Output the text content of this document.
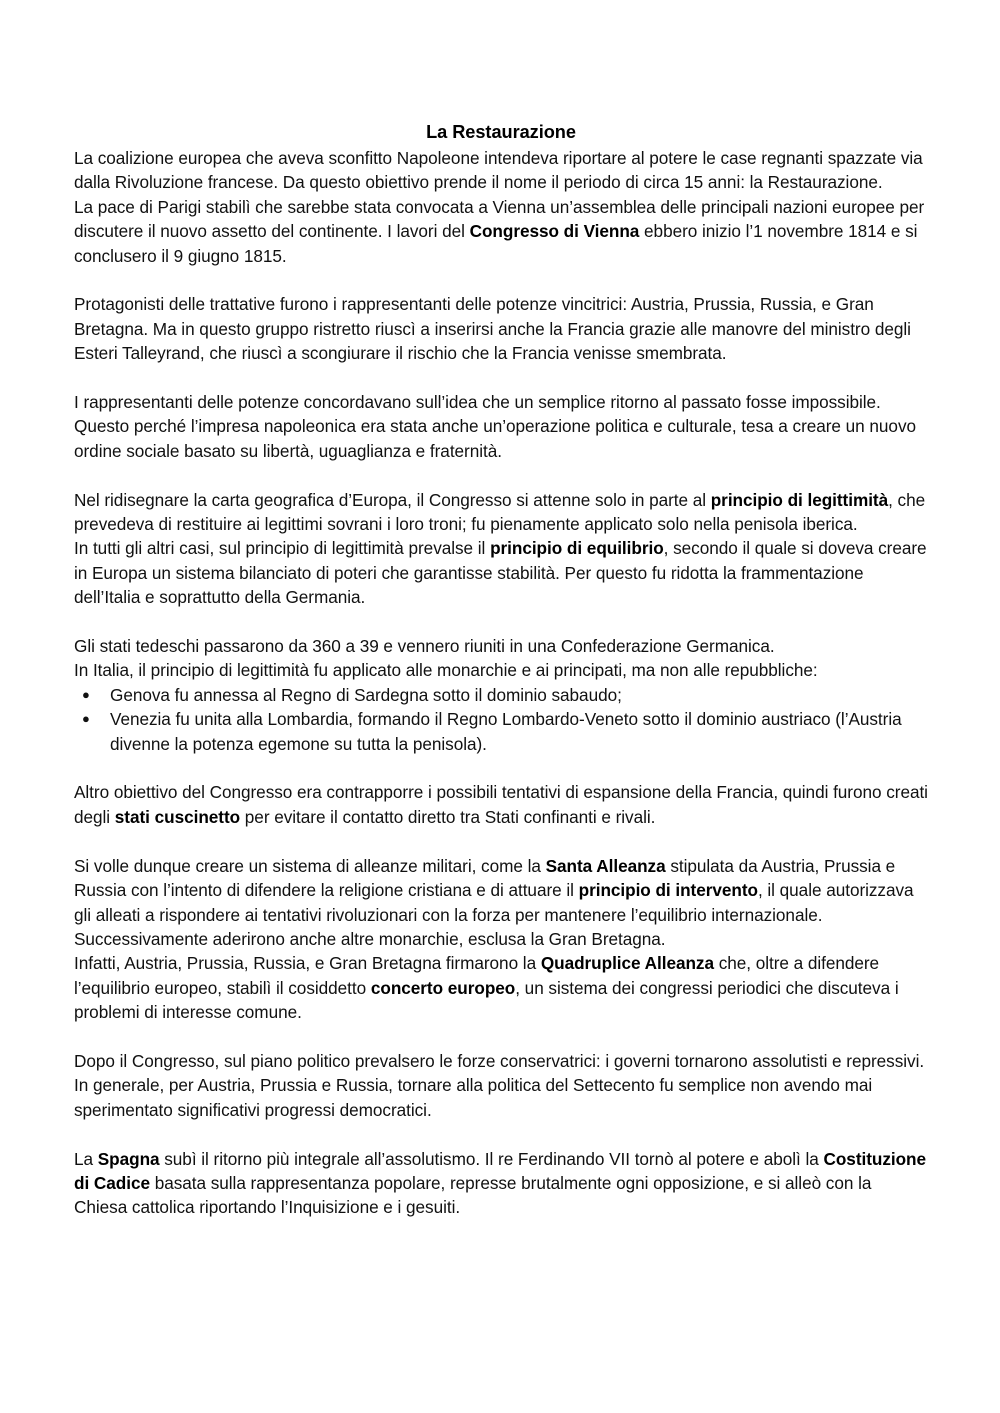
La Restaurazione

La coalizione europea che aveva sconfitto Napoleone intendeva riportare al potere le case regnanti spazzate via dalla Rivoluzione francese. Da questo obiettivo prende il nome il periodo di circa 15 anni: la Restaurazione.

La pace di Parigi stabilì che sarebbe stata convocata a Vienna un’assemblea delle principali nazioni europee per discutere il nuovo assetto del continente. I lavori del Congresso di Vienna ebbero inizio l’1 novembre 1814 e si conclusero il 9 giugno 1815.

Protagonisti delle trattative furono i rappresentanti delle potenze vincitrici: Austria, Prussia, Russia, e Gran Bretagna. Ma in questo gruppo ristretto riuscì a inserirsi anche la Francia grazie alle manovre del ministro degli Esteri Talleyrand, che riuscì a scongiurare il rischio che la Francia venisse smembrata.

I rappresentanti delle potenze concordavano sull’idea che un semplice ritorno al passato fosse impossibile. Questo perché l’impresa napoleonica era stata anche un’operazione politica e culturale, tesa a creare un nuovo ordine sociale basato su libertà, uguaglianza e fraternità.

Nel ridisegnare la carta geografica d’Europa, il Congresso si attenne solo in parte al principio di legittimità, che prevedeva di restituire ai legittimi sovrani i loro troni; fu pienamente applicato solo nella penisola iberica.

In tutti gli altri casi, sul principio di legittimità prevalse il principio di equilibrio, secondo il quale si doveva creare in Europa un sistema bilanciato di poteri che garantisse stabilità. Per questo fu ridotta la frammentazione dell’Italia e soprattutto della Germania.

Gli stati tedeschi passarono da 360 a 39 e vennero riuniti in una Confederazione Germanica.

In Italia, il principio di legittimità fu applicato alle monarchie e ai principati, ma non alle repubbliche:

● Genova fu annessa al Regno di Sardegna sotto il dominio sabaudo;
● Venezia fu unita alla Lombardia, formando il Regno Lombardo-Veneto sotto il dominio austriaco (l’Austria divenne la potenza egemone su tutta la penisola).

Altro obiettivo del Congresso era contrapporre i possibili tentativi di espansione della Francia, quindi furono creati degli stati cuscinetto per evitare il contatto diretto tra Stati confinanti e rivali.

Si volle dunque creare un sistema di alleanze militari, come la Santa Alleanza stipulata da Austria, Prussia e Russia con l’intento di difendere la religione cristiana e di attuare il principio di intervento, il quale autorizzava gli alleati a rispondere ai tentativi rivoluzionari con la forza per mantenere l’equilibrio internazionale. Successivamente aderirono anche altre monarchie, esclusa la Gran Bretagna.

Infatti, Austria, Prussia, Russia, e Gran Bretagna firmarono la Quadruplice Alleanza che, oltre a difendere l’equilibrio europeo, stabilì il cosiddetto concerto europeo, un sistema dei congressi periodici che discuteva i problemi di interesse comune.

Dopo il Congresso, sul piano politico prevalsero le forze conservatrici: i governi tornarono assolutisti e repressivi.

In generale, per Austria, Prussia e Russia, tornare alla politica del Settecento fu semplice non avendo mai sperimentato significativi progressi democratici.

La Spagna subì il ritorno più integrale all’assolutismo. Il re Ferdinando VII tornò al potere e abolì la Costituzione di Cadice basata sulla rappresentanza popolare, represse brutalmente ogni opposizione, e si alleò con la Chiesa cattolica riportando l’Inquisizione e i gesuiti.
